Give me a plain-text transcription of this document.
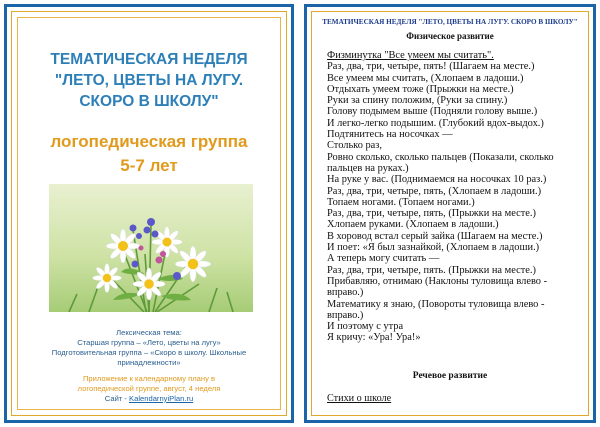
ТЕМАТИЧЕСКАЯ НЕДЕЛЯ
"ЛЕТО, ЦВЕТЫ НА ЛУГУ.
СКОРО В ШКОЛУ"
логопедическая группа
5-7 лет
Лексическая тема:
Старшая группа – «Лето, цветы на лугу»
Подготовительная группа – «Скоро в школу. Школьные
принадлежности»
Приложение к календарному плану в
логопедической группе, август, 4 неделя
Сайт - KalendarnyiPlan.ru
ТЕМАТИЧЕСКАЯ НЕДЕЛЯ "ЛЕТО, ЦВЕТЫ НА ЛУГУ. СКОРО В ШКОЛУ"
Физическое развитие
Физминутка "Все умеем мы считать".
Раз, два, три, четыре, пять! (Шагаем на месте.)
Все умеем мы считать, (Хлопаем в ладоши.)
Отдыхать умеем тоже (Прыжки на месте.)
Руки за спину положим, (Руки за спину.)
Голову подымем выше (Подняли голову выше.)
И легко-легко подышим. (Глубокий вдох-выдох.)
Подтянитесь на носочках —
Столько раз,
Ровно сколько, сколько пальцев (Показали, сколько
пальцев на руках.)
На руке у вас. (Поднимаемся на носочках 10 раз.)
Раз, два, три, четыре, пять, (Хлопаем в ладоши.)
Топаем ногами. (Топаем ногами.)
Раз, два, три, четыре, пять, (Прыжки на месте.)
Хлопаем руками. (Хлопаем в ладоши.)
В хоровод встал серый зайка (Шагаем на месте.)
И поет: «Я был зазнайкой, (Хлопаем в ладоши.)
А теперь могу считать —
Раз, два, три, четыре, пять. (Прыжки на месте.)
Прибавляю, отнимаю (Наклоны туловища влево -
вправо.)
Математику я знаю, (Повороты туловища влево -
вправо.)
И поэтому с утра
Я кричу: «Ура! Ура!»
Речевое развитие
Стихи о школе
